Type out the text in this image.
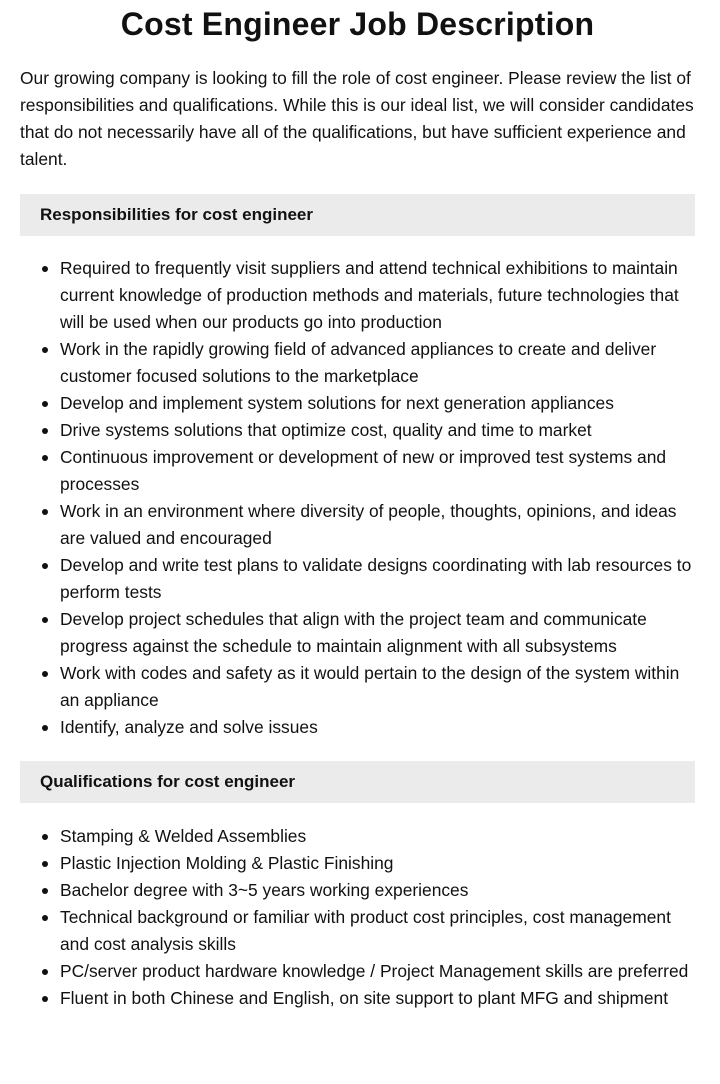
Cost Engineer Job Description

Our growing company is looking to fill the role of cost engineer. Please review the list of responsibilities and qualifications. While this is our ideal list, we will consider candidates that do not necessarily have all of the qualifications, but have sufficient experience and talent.

Responsibilities for cost engineer
Required to frequently visit suppliers and attend technical exhibitions to maintain current knowledge of production methods and materials, future technologies that will be used when our products go into production
Work in the rapidly growing field of advanced appliances to create and deliver customer focused solutions to the marketplace
Develop and implement system solutions for next generation appliances
Drive systems solutions that optimize cost, quality and time to market
Continuous improvement or development of new or improved test systems and processes
Work in an environment where diversity of people, thoughts, opinions, and ideas are valued and encouraged
Develop and write test plans to validate designs coordinating with lab resources to perform tests
Develop project schedules that align with the project team and communicate progress against the schedule to maintain alignment with all subsystems
Work with codes and safety as it would pertain to the design of the system within an appliance
Identify, analyze and solve issues
Qualifications for cost engineer
Stamping & Welded Assemblies
Plastic Injection Molding & Plastic Finishing
Bachelor degree with 3~5 years working experiences
Technical background or familiar with product cost principles, cost management and cost analysis skills
PC/server product hardware knowledge / Project Management skills are preferred
Fluent in both Chinese and English, on site support to plant MFG and shipment
